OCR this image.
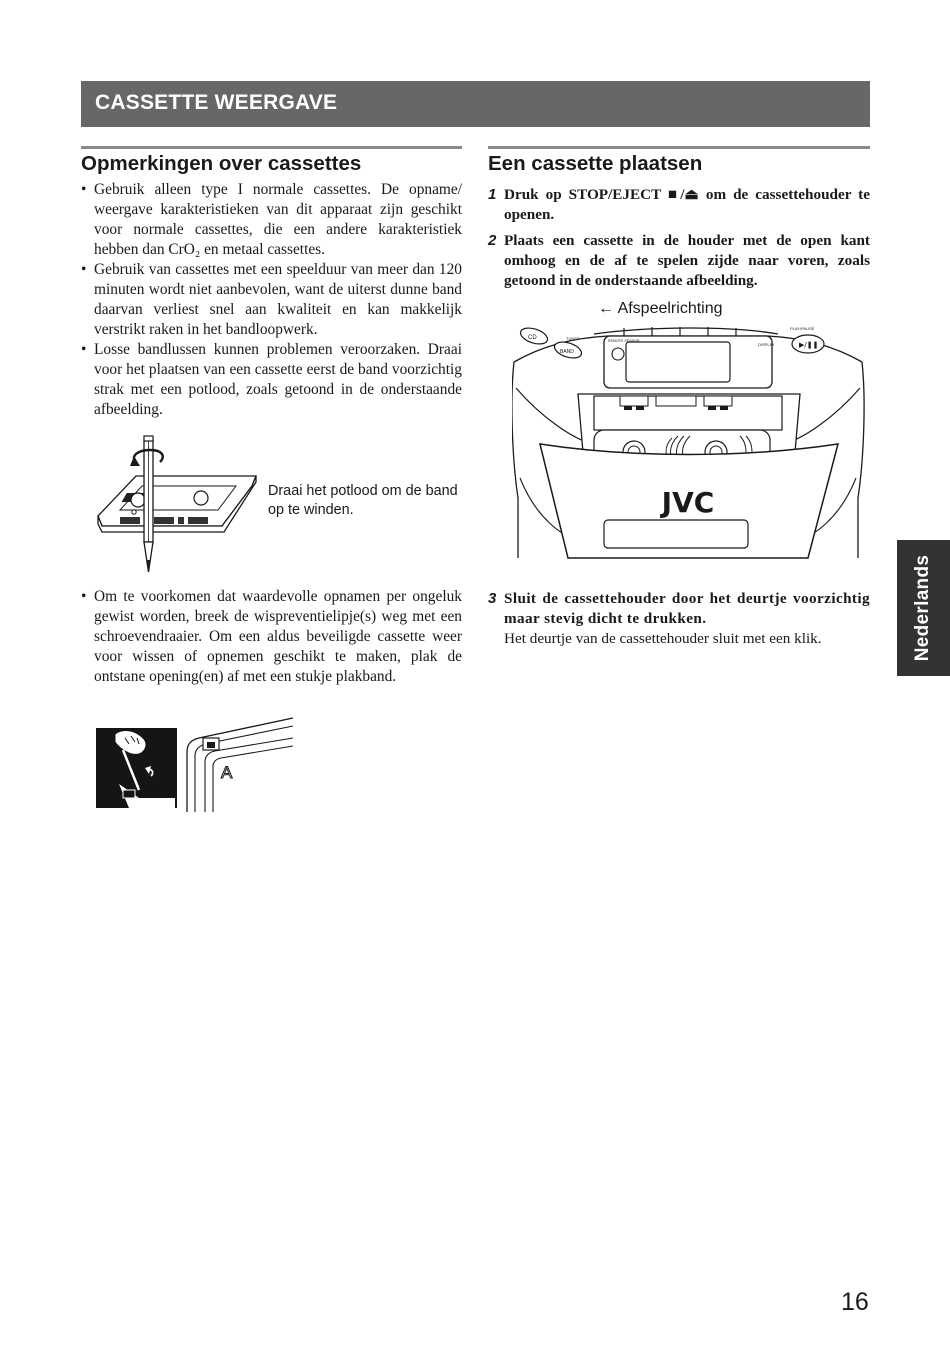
CASSETTE WEERGAVE
Opmerkingen over cassettes
• Gebruik alleen type I normale cassettes. De opname/ weergave karakteristieken van dit apparaat zijn geschikt voor normale cassettes, die een andere karakteristiek hebben dan CrO₂ en metaal cassettes.
• Gebruik van cassettes met een speelduur van meer dan 120 minuten wordt niet aanbevolen, want de uiterst dunne band daarvan verliest snel aan kwaliteit en kan makkelijk verstrikt raken in het bandloopwerk.
• Losse bandlussen kunnen problemen veroorzaken. Draai voor het plaatsen van een cassette eerst de band voorzichtig strak met een potlood, zoals getoond in de onderstaande afbeelding.
Draai het potlood om de band op te winden.
• Om te voorkomen dat waardevolle opnamen per ongeluk gewist worden, breek de wispreventielipje(s) weg met een schroevendraaier. Om een aldus beveiligde cassette weer voor wissen of opnemen geschikt te maken, plak de ontstane opening(en) af met een stukje plakband.
A
Een cassette plaatsen
1 Druk op STOP/EJECT ■/⏏ om de cassettehouder te openen.
2 Plaats een cassette in de houder met de open kant omhoog en de af te spelen zijde naar voren, zoals getoond in de onderstaande afbeelding.
← Afspeelrichting
CD	TUNER
BAND
REMOTE SENSOR
DISPLAY
PLAY/PAUSE
▶/❚❚
JVC
3 Sluit de cassettehouder door het deurtje voorzichtig maar stevig dicht te drukken.
Het deurtje van de cassettehouder sluit met een klik.	Nederlands
16
